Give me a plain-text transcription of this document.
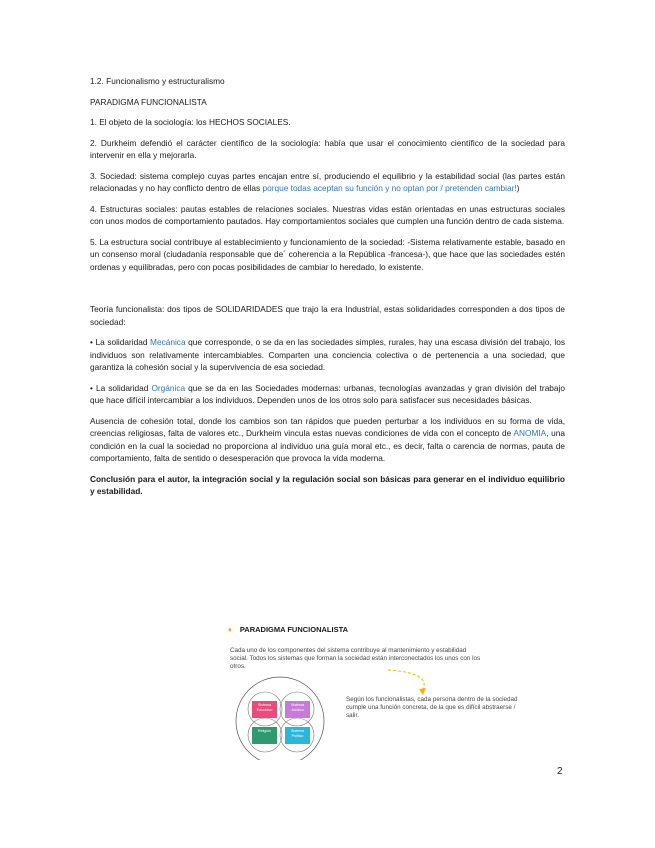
1.2. Funcionalismo y estructuralismo

PARADIGMA FUNCIONALISTA

1. El objeto de la sociología: los HECHOS SOCIALES.

2. Durkheim defendió el carácter científico de la sociología: había que usar el conocimiento científico de la sociedad para intervenir en ella y mejorarla.

3. Sociedad: sistema complejo cuyas partes encajan entre sí, produciendo el equilibrio y la estabilidad social (las partes están relacionadas y no hay conflicto dentro de ellas porque todas aceptan su función y no optan por / pretenden cambiar!)

4. Estructuras sociales: pautas estables de relaciones sociales. Nuestras vidas están orientadas en unas estructuras sociales con unos modos de comportamiento pautados. Hay comportamientos sociales que cumplen una función dentro de cada sistema.

5. La estructura social contribuye al establecimiento y funcionamiento de la sociedad: -Sistema relativamente estable, basado en un consenso moral (ciudadanía responsable que de´ coherencia a la República -francesa-), que hace que las sociedades estén ordenas y equilibradas, pero con pocas posibilidades de cambiar lo heredado, lo existente.

Teoría funcionalista: dos tipos de SOLIDARIDADES que trajo la era Industrial, estas solidaridades corresponden a dos tipos de sociedad:

• La solidaridad Mecánica que corresponde, o se da en las sociedades simples, rurales, hay una escasa división del trabajo, los individuos son relativamente intercambiables. Comparten una conciencia colectiva o de pertenencia a una sociedad, que garantiza la cohesión social y la supervivencia de esa sociedad.

• La solidaridad Orgánica que se da en las Sociedades modernas: urbanas, tecnologías avanzadas y gran división del trabajo que hace difícil intercambiar a los individuos. Dependen unos de los otros solo para satisfacer sus necesidades básicas.

Ausencia de cohesión total, donde los cambios son tan rápidos que pueden perturbar a los individuos en su forma de vida, creencias religiosas, falta de valores etc., Durkheim vincula estas nuevas condiciones de vida con el concepto de ANOMIA, una condición en la cual la sociedad no proporciona al individuo una guía moral etc., es decir, falta o carencia de normas, pauta de comportamiento, falta de sentido o desesperación que provoca la vida moderna.

Conclusión para el autor, la integración social y la regulación social son básicas para generar en el individuo equilibrio y estabilidad.

♦ PARADIGMA FUNCIONALISTA
Cada uno de los componentes del sistema contribuye al mantenimiento y estabilidad social. Todos los sistemas que forman la sociedad están interconectados los unos con los otros.
Sistema Educativo
Sistema Jurídico
Religión	Sistema Político
Según los funcionalistas, cada persona dentro de la sociedad cumple una función concreta, de la que es difícil abstraerse / salir.
2
